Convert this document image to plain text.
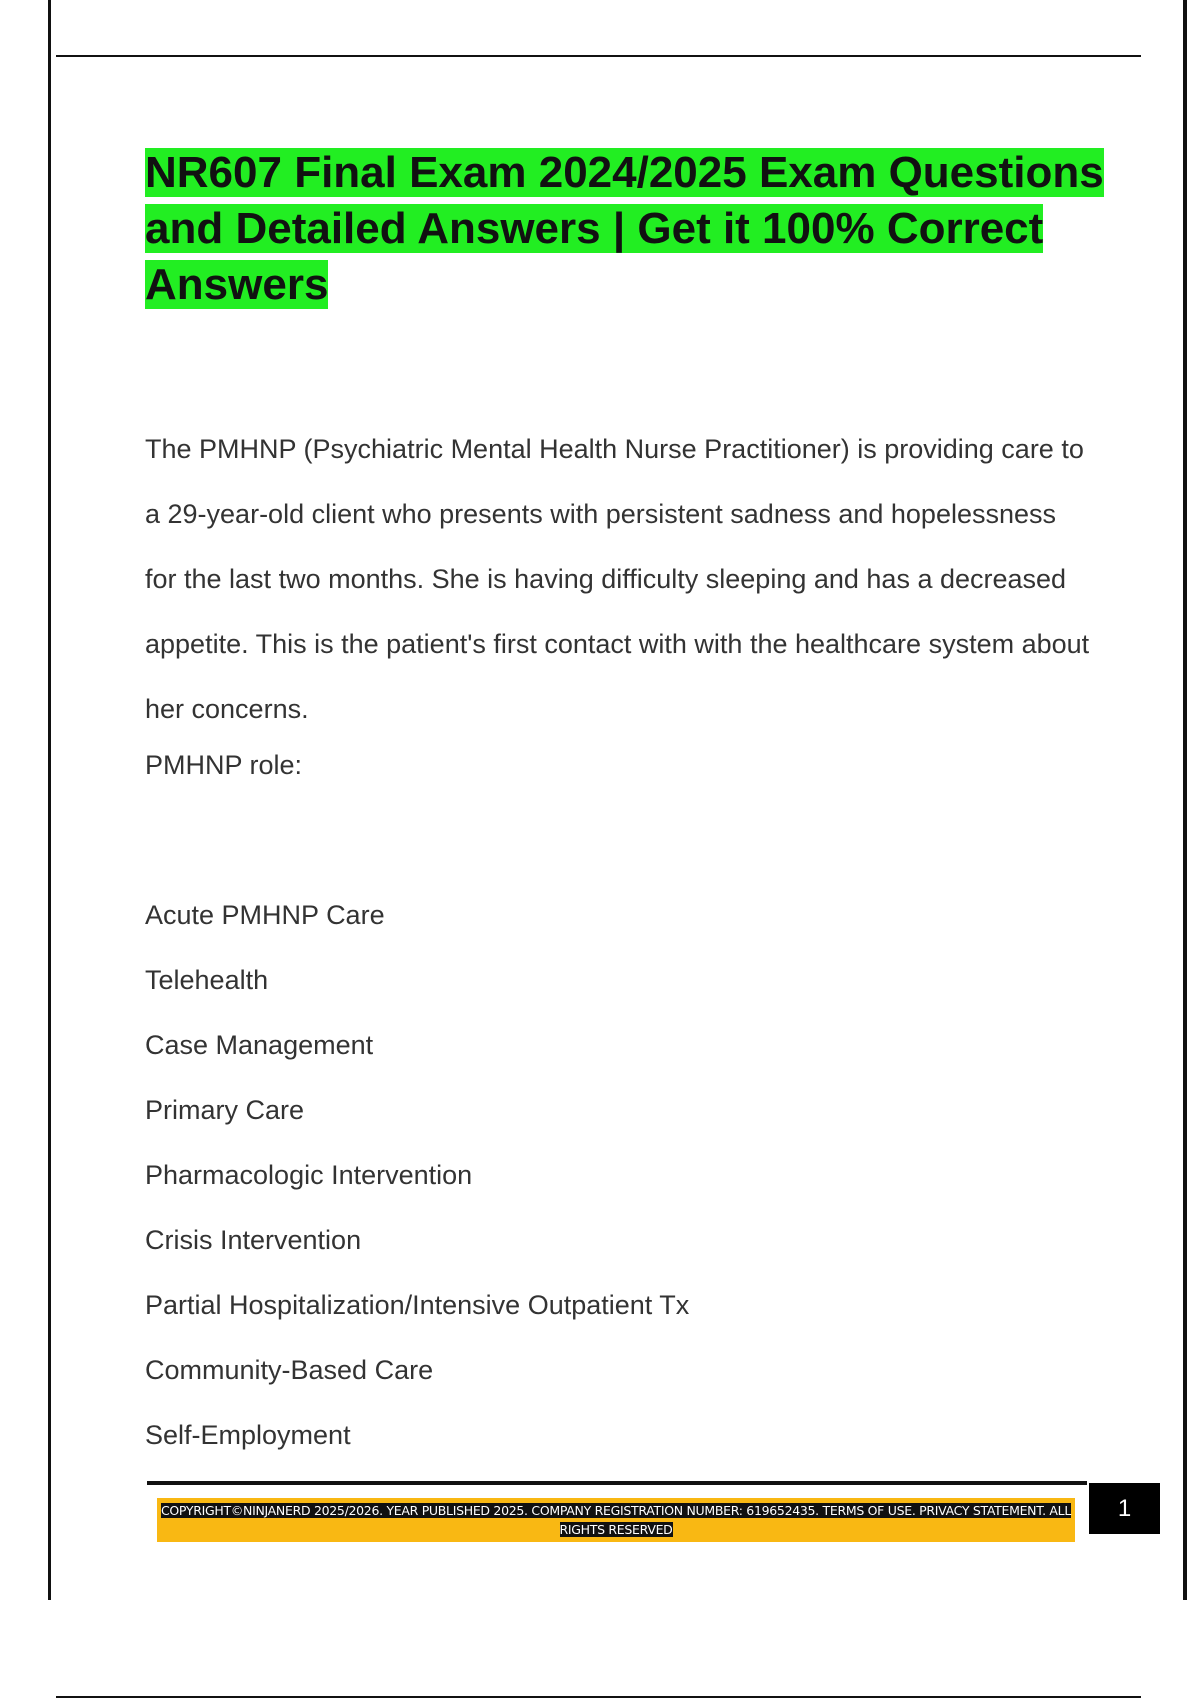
NR607 Final Exam 2024/2025 Exam Questions and Detailed Answers | Get it 100% Correct Answers

The PMHNP (Psychiatric Mental Health Nurse Practitioner) is providing care to a 29-year-old client who presents with persistent sadness and hopelessness for the last two months. She is having difficulty sleeping and has a decreased appetite. This is the patient's first contact with with the healthcare system about her concerns.

PMHNP role:

Acute PMHNP Care
Telehealth
Case Management
Primary Care
Pharmacologic Intervention
Crisis Intervention
Partial Hospitalization/Intensive Outpatient Tx
Community-Based Care
Self-Employment
COPYRIGHT©NINJANERD 2025/2026. YEAR PUBLISHED 2025. COMPANY REGISTRATION NUMBER: 619652435. TERMS OF USE. PRIVACY STATEMENT. ALL RIGHTS RESERVED
1
